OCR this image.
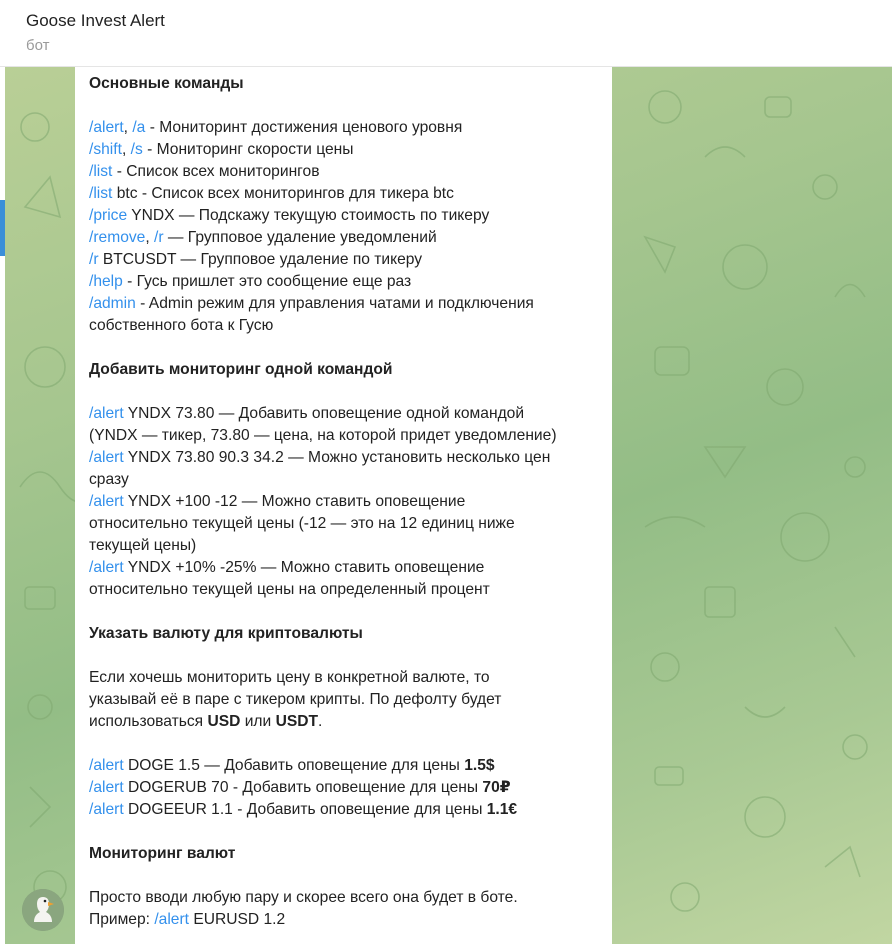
Goose Invest Alert
бот

Основные команды

/alert, /a - Мониторинт достижения ценового уровня

/shift, /s - Мониторинг скорости цены

/list - Список всех мониторингов

/list btc - Список всех мониторингов для тикера btc

/price YNDX — Подскажу текущую стоимость по тикеру

/remove, /r — Групповое удаление уведомлений

/r BTCUSDT — Групповое удаление по тикеру

/help - Гусь пришлет это сообщение еще раз

/admin - Admin режим для управления чатами и подключения

собственного бота к Гусю

Добавить мониторинг одной командой

/alert YNDX 73.80 — Добавить оповещение одной командой

(YNDX — тикер, 73.80 — цена, на которой придет уведомление)

/alert YNDX 73.80 90.3 34.2 — Можно установить несколько цен

сразу

/alert YNDX +100 -12 — Можно ставить оповещение

относительно текущей цены (-12 — это на 12 единиц ниже

текущей цены)

/alert YNDX +10% -25% — Можно ставить оповещение

относительно текущей цены на определенный процент

Указать валюту для криптовалюты

Если хочешь мониторить цену в конкретной валюте, то

указывай её в паре с тикером крипты. По дефолту будет

использоваться USD или USDT.

/alert DOGE 1.5 — Добавить оповещение для цены 1.5$

/alert DOGERUB 70 - Добавить оповещение для цены 70₽

/alert DOGEEUR 1.1 - Добавить оповещение для цены 1.1€

Мониторинг валют

Просто вводи любую пару и скорее всего она будет в боте.

Пример: /alert EURUSD 1.2
